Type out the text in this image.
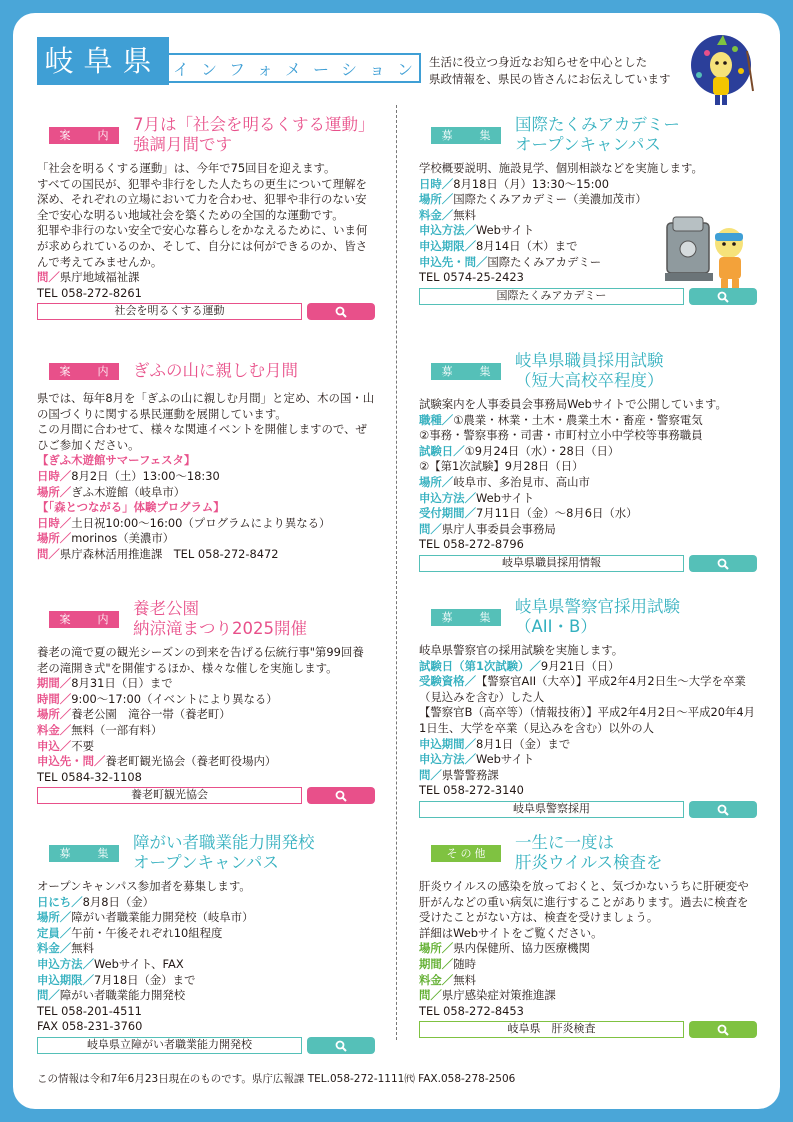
岐阜県 イ ン フ ォ メ ー シ ョ ン 生活に役立つ身近なお知らせを中心とした
県政情報を、県民の皆さんにお伝えしています
案　内
7月は「社会を明るくする運動」
強調月間です

「社会を明るくする運動」は、今年で75回目を迎えます。

すべての国民が、犯罪や非行をした人たちの更生について理解を深め、それぞれの立場において力を合わせ、犯罪や非行のない安全で安心な明るい地域社会を築くための全国的な運動です。

犯罪や非行のない安全で安心な暮らしをかなえるために、いま何が求められているのか、そして、自分には何ができるのか、皆さんで考えてみませんか。

問／県庁地域福祉課

TEL 058-272-8261

社会を明るくする運動
案　内 ぎふの山に親しむ月間

県では、毎年8月を「ぎふの山に親しむ月間」と定め、木の国・山の国づくりに関する県民運動を展開しています。

この月間に合わせて、様々な関連イベントを開催しますので、ぜひご参加ください。

【ぎふ木遊館サマーフェスタ】

日時／8月2日（土）13:00～18:30

場所／ぎふ木遊館（岐阜市）

【「森とつながる」体験プログラム】

日時／土日祝10:00～16:00（プログラムにより異なる）

場所／morinos（美濃市）

問／県庁森林活用推進課　TEL 058-272-8472

案　内
養老公園
納涼滝まつり2025開催

養老の滝で夏の観光シーズンの到来を告げる伝統行事"第99回養老の滝開き式"を開催するほか、様々な催しを実施します。

期間／8月31日（日）まで

時間／9:00～17:00（イベントにより異なる）

場所／養老公園　滝谷一帯（養老町）

料金／無料（一部有料）

申込／不要

申込先・問／養老町観光協会（養老町役場内）

TEL 0584-32-1108

養老町観光協会
募　集
障がい者職業能力開発校
オープンキャンパス

オープンキャンパス参加者を募集します。

日にち／8月8日（金）

場所／障がい者職業能力開発校（岐阜市）

定員／午前・午後それぞれ10組程度

料金／無料

申込方法／Webサイト、FAX

申込期限／7月18日（金）まで

問／障がい者職業能力開発校

TEL 058-201-4511

FAX 058-231-3760

岐阜県立障がい者職業能力開発校
募　集
国際たくみアカデミー
オープンキャンパス

学校概要説明、施設見学、個別相談などを実施します。

日時／8月18日（月）13:30～15:00

場所／国際たくみアカデミー（美濃加茂市）

料金／無料

申込方法／Webサイト

申込期限／8月14日（木）まで

申込先・問／国際たくみアカデミー

TEL 0574-25-2423

国際たくみアカデミー
募　集
岐阜県職員採用試験
（短大高校卒程度）

試験案内を人事委員会事務局Webサイトで公開しています。

職種／①農業・林業・土木・農業土木・畜産・警察電気

②事務・警察事務・司書・市町村立小中学校等事務職員

試験日／①9月24日（水）・28日（日）

②【第1次試験】9月28日（日）

場所／岐阜市、多治見市、高山市

申込方法／Webサイト

受付期間／7月11日（金）～8月6日（水）

問／県庁人事委員会事務局

TEL 058-272-8796

岐阜県職員採用情報
募　集
岐阜県警察官採用試験
（AII・B）

岐阜県警察官の採用試験を実施します。

試験日（第1次試験）／9月21日（日）

受験資格／【警察官AII（大卒）】平成2年4月2日生～大学を卒業（見込みを含む）した人

【警察官B（高卒等）（情報技術）】平成2年4月2日～平成20年4月1日生、大学を卒業（見込みを含む）以外の人

申込期間／8月1日（金）まで

申込方法／Webサイト

問／県警警務課

TEL 058-272-3140

岐阜県警察採用
その他
一生に一度は
肝炎ウイルス検査を

肝炎ウイルスの感染を放っておくと、気づかないうちに肝硬変や肝がんなどの重い病気に進行することがあります。過去に検査を受けたことがない方は、検査を受けましょう。

詳細はWebサイトをご覧ください。

場所／県内保健所、協力医療機関

期間／随時

料金／無料

問／県庁感染症対策推進課

TEL 058-272-8453

岐阜県　肝炎検査
この情報は令和7年6月23日現在のものです。県庁広報課 TEL.058-272-1111㈹ FAX.058-278-2506
